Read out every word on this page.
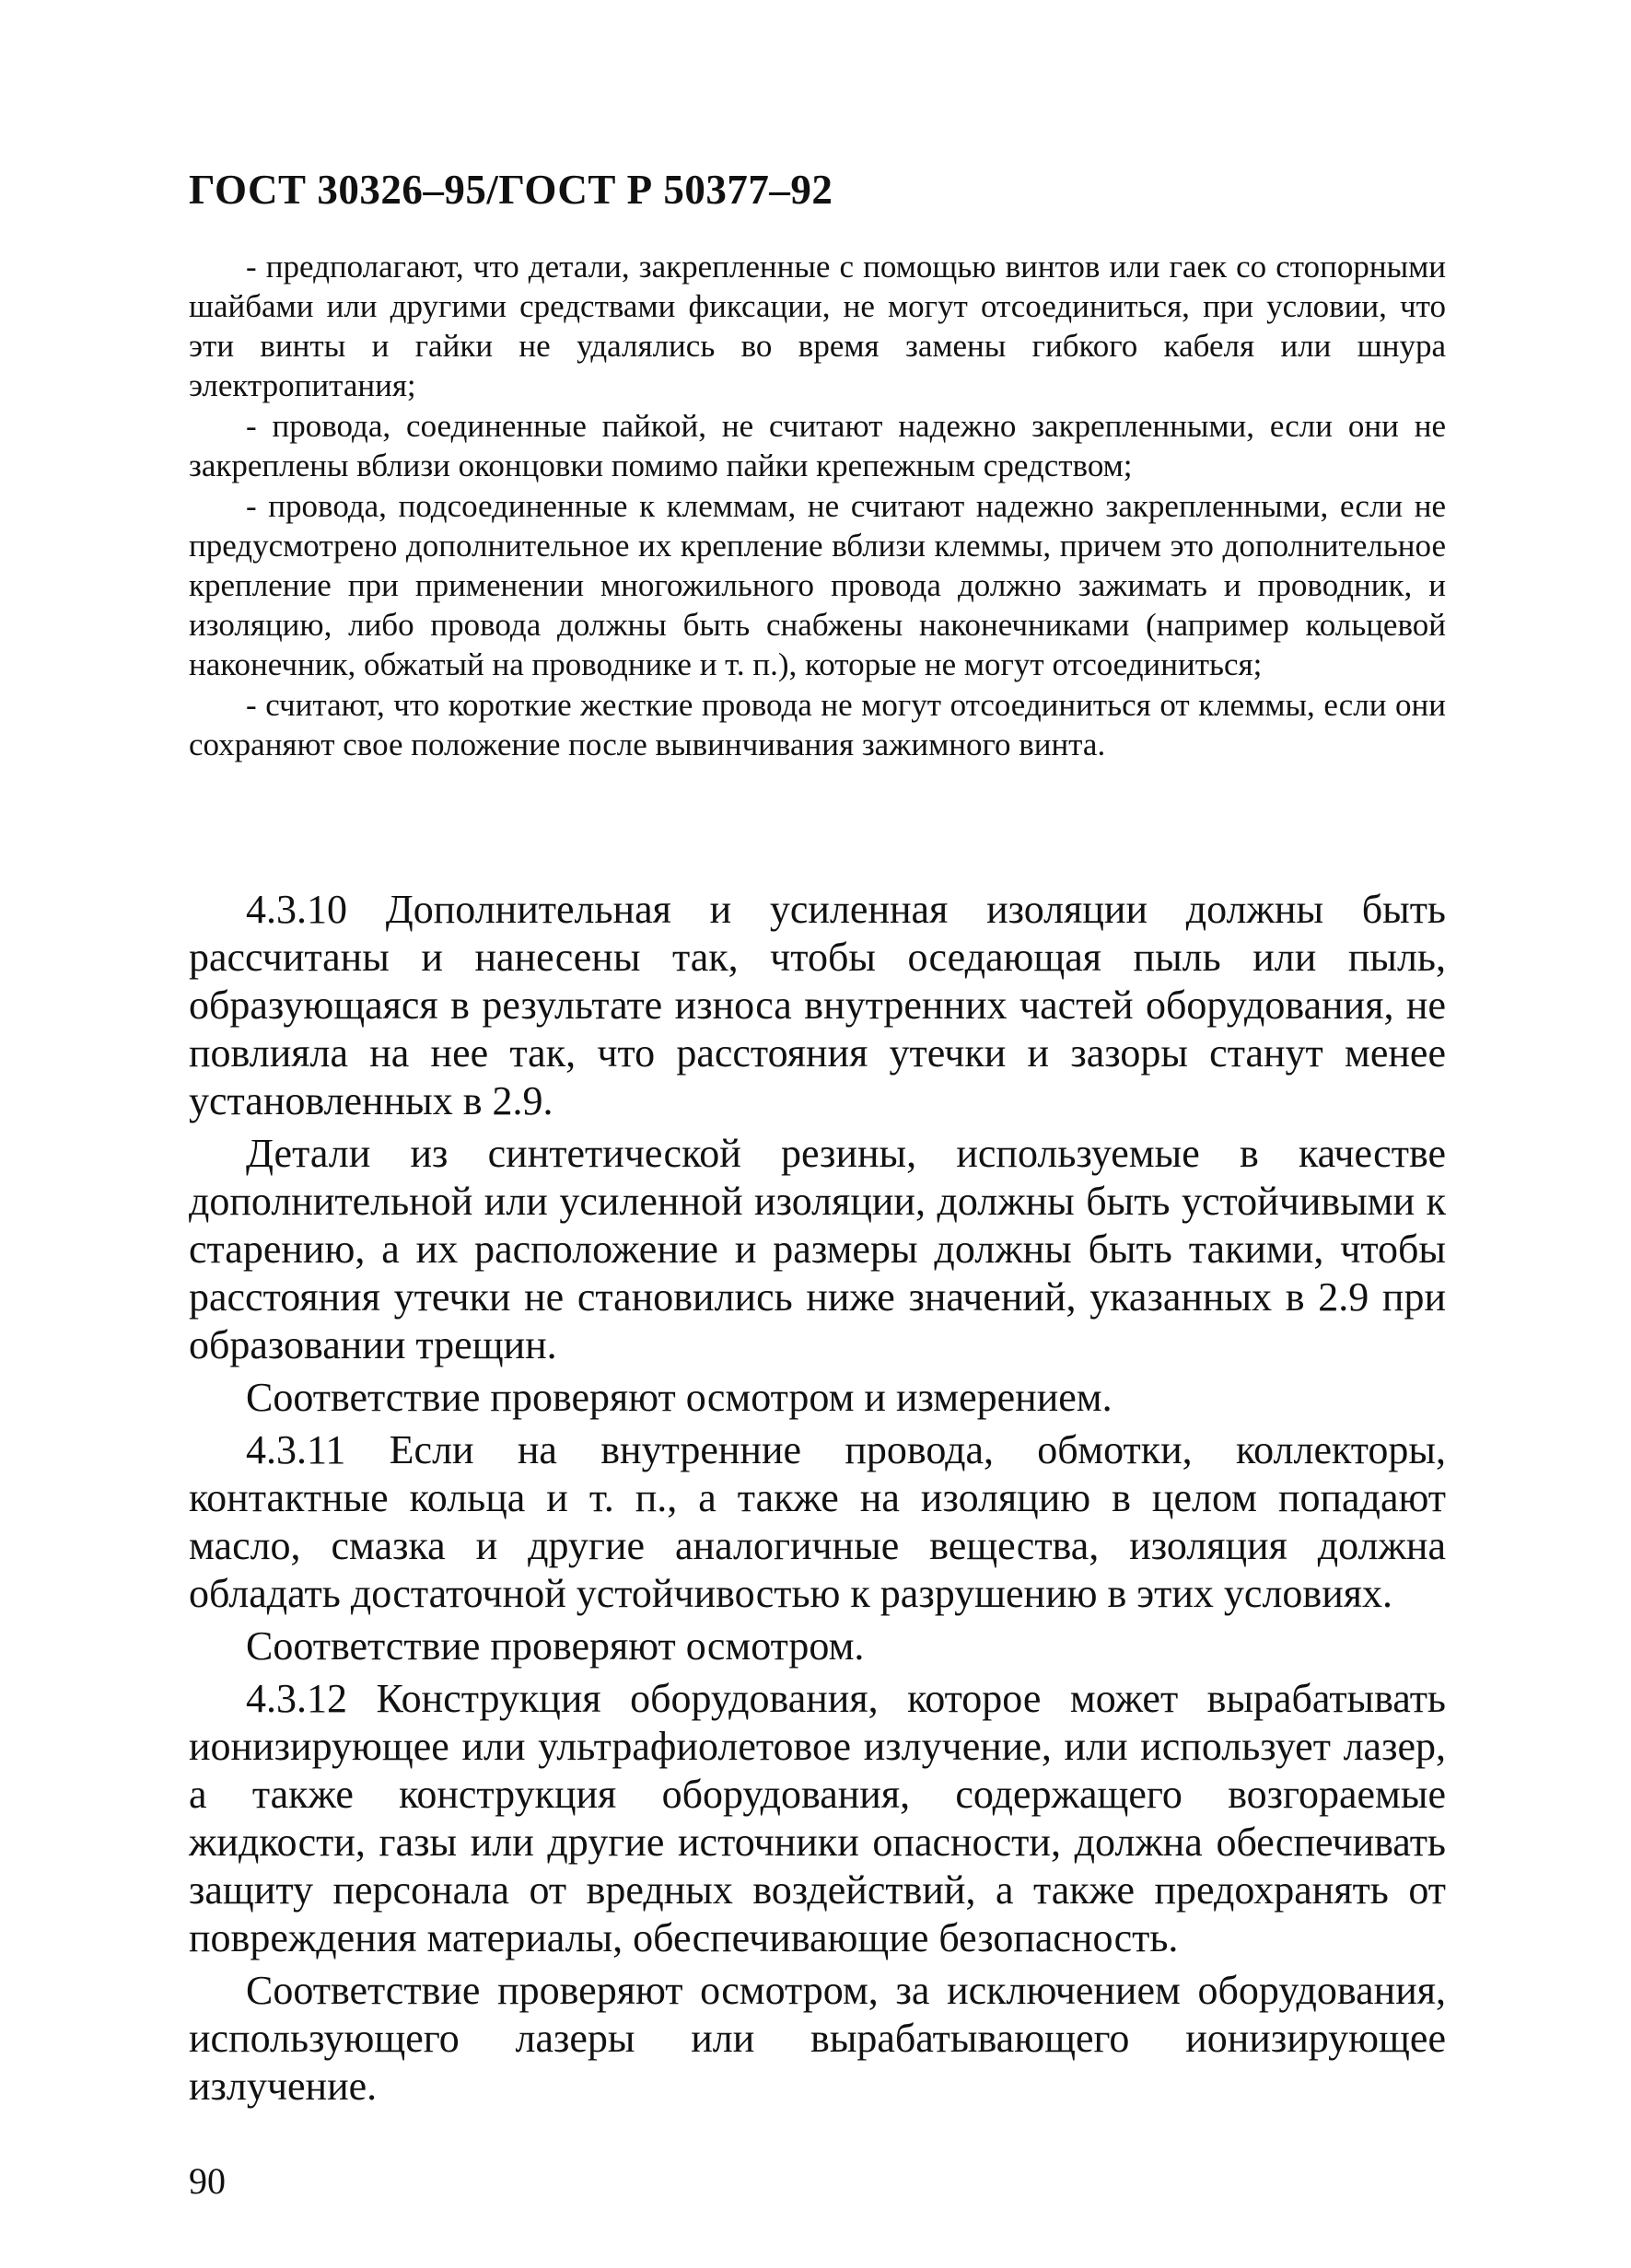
ГОСТ 30326–95/ГОСТ Р 50377–92

- предполагают, что детали, закрепленные с помощью винтов или гаек со стопорными шайбами или другими средствами фиксации, не могут отсоединиться, при условии, что эти винты и гайки не удалялись во время замены гибкого кабеля или шнура электропитания;

- провода, соединенные пайкой, не считают надежно закрепленными, если они не закреплены вблизи оконцовки помимо пайки крепежным средством;

- провода, подсоединенные к клеммам, не считают надежно закрепленными, если не предусмотрено дополнительное их крепление вблизи клеммы, причем это дополнительное крепление при применении многожильного провода должно зажимать и проводник, и изоляцию, либо провода должны быть снабжены наконечниками (например кольцевой наконечник, обжатый на проводнике и т. п.), которые не могут отсоединиться;

- считают, что короткие жесткие провода не могут отсоединиться от клеммы, если они сохраняют свое положение после вывинчивания зажимного винта.

4.3.10 Дополнительная и усиленная изоляции должны быть рассчитаны и нанесены так, чтобы оседающая пыль или пыль, образующаяся в результате износа внутренних частей оборудования, не повлияла на нее так, что расстояния утечки и зазоры станут менее установленных в 2.9.

Детали из синтетической резины, используемые в качестве дополнительной или усиленной изоляции, должны быть устойчивыми к старению, а их расположение и размеры должны быть такими, чтобы расстояния утечки не становились ниже значений, указанных в 2.9 при образовании трещин.

Соответствие проверяют осмотром и измерением.

4.3.11 Если на внутренние провода, обмотки, коллекторы, контактные кольца и т. п., а также на изоляцию в целом попадают масло, смазка и другие аналогичные вещества, изоляция должна обладать достаточной устойчивостью к разрушению в этих условиях.

Соответствие проверяют осмотром.

4.3.12 Конструкция оборудования, которое может вырабатывать ионизирующее или ультрафиолетовое излучение, или использует лазер, а также конструкция оборудования, содержащего возгораемые жидкости, газы или другие источники опасности, должна обеспечивать защиту персонала от вредных воздействий, а также предохранять от повреждения материалы, обеспечивающие безопасность.

Соответствие проверяют осмотром, за исключением оборудования, использующего лазеры или вырабатывающего ионизирующее излучение.

90
